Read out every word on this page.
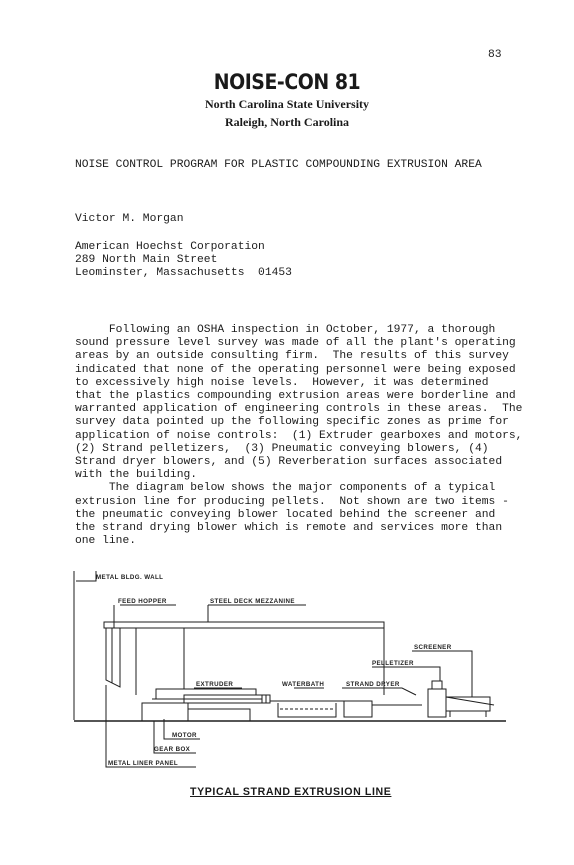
83
NOISE-CON 81
North Carolina State University
Raleigh, North Carolina
NOISE CONTROL PROGRAM FOR PLASTIC COMPOUNDING EXTRUSION AREA
Victor M. Morgan
American Hoechst Corporation
289 North Main Street
Leominster, Massachusetts  01453
Following an OSHA inspection in October, 1977, a thorough
sound pressure level survey was made of all the plant's operating
areas by an outside consulting firm.  The results of this survey
indicated that none of the operating personnel were being exposed
to excessively high noise levels.  However, it was determined
that the plastics compounding extrusion areas were borderline and
warranted application of engineering controls in these areas.  The
survey data pointed up the following specific zones as prime for
application of noise controls:  (1) Extruder gearboxes and motors,
(2) Strand pelletizers,  (3) Pneumatic conveying blowers, (4)
Strand dryer blowers, and (5) Reverberation surfaces associated
with the building.
The diagram below shows the major components of a typical
extrusion line for producing pellets.  Not shown are two items -
the pneumatic conveying blower located behind the screener and
the strand drying blower which is remote and services more than
one line.
METAL BLDG. WALL
FEED HOPPER	STEEL DECK MEZZANINE
SCREENER
PELLETIZER
EXTRUDER	WATERBATH	STRAND DRYER
MOTOR
GEAR BOX
METAL LINER PANEL
TYPICAL STRAND EXTRUSION LINE
